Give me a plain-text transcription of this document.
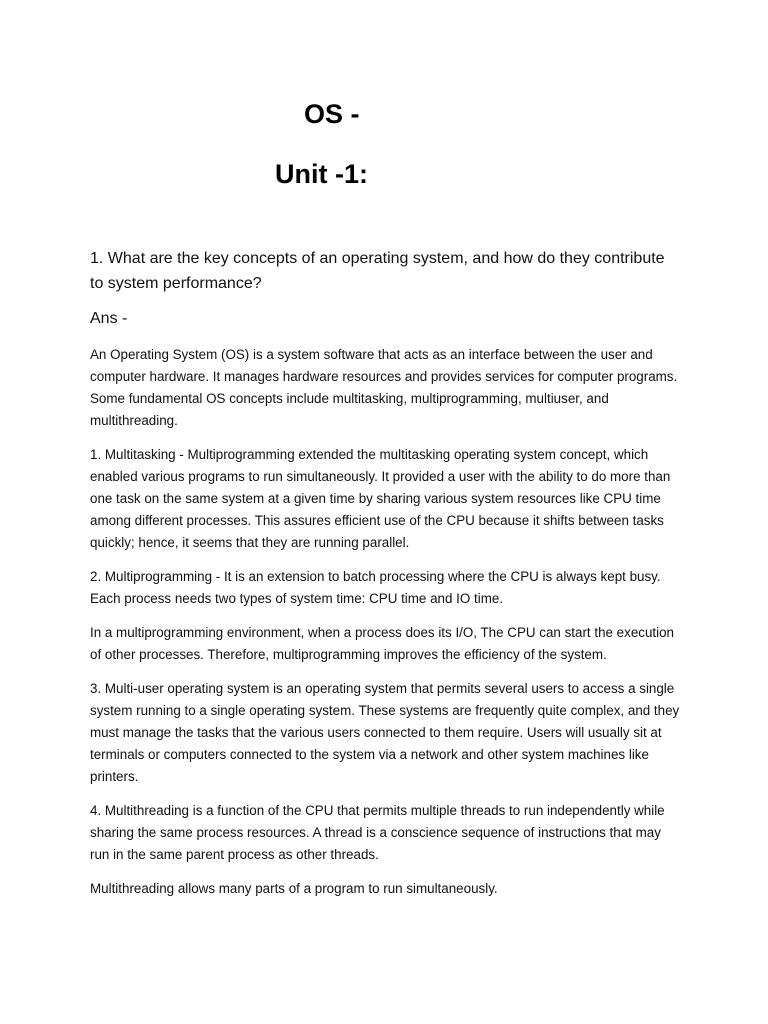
OS -
Unit -1:

1. What are the key concepts of an operating system, and how do they contribute to system performance?

Ans -

An Operating System (OS) is a system software that acts as an interface between the user and computer hardware. It manages hardware resources and provides services for computer programs. Some fundamental OS concepts include multitasking, multiprogramming, multiuser, and multithreading.

1. Multitasking - Multiprogramming extended the multitasking operating system concept, which enabled various programs to run simultaneously. It provided a user with the ability to do more than one task on the same system at a given time by sharing various system resources like CPU time among different processes. This assures efficient use of the CPU because it shifts between tasks quickly; hence, it seems that they are running parallel.

2. Multiprogramming - It is an extension to batch processing where the CPU is always kept busy. Each process needs two types of system time: CPU time and IO time.

In a multiprogramming environment, when a process does its I/O, The CPU can start the execution of other processes. Therefore, multiprogramming improves the efficiency of the system.

3. Multi-user operating system is an operating system that permits several users to access a single system running to a single operating system. These systems are frequently quite complex, and they must manage the tasks that the various users connected to them require. Users will usually sit at terminals or computers connected to the system via a network and other system machines like printers.

4. Multithreading is a function of the CPU that permits multiple threads to run independently while sharing the same process resources. A thread is a conscience sequence of instructions that may run in the same parent process as other threads.

Multithreading allows many parts of a program to run simultaneously.
